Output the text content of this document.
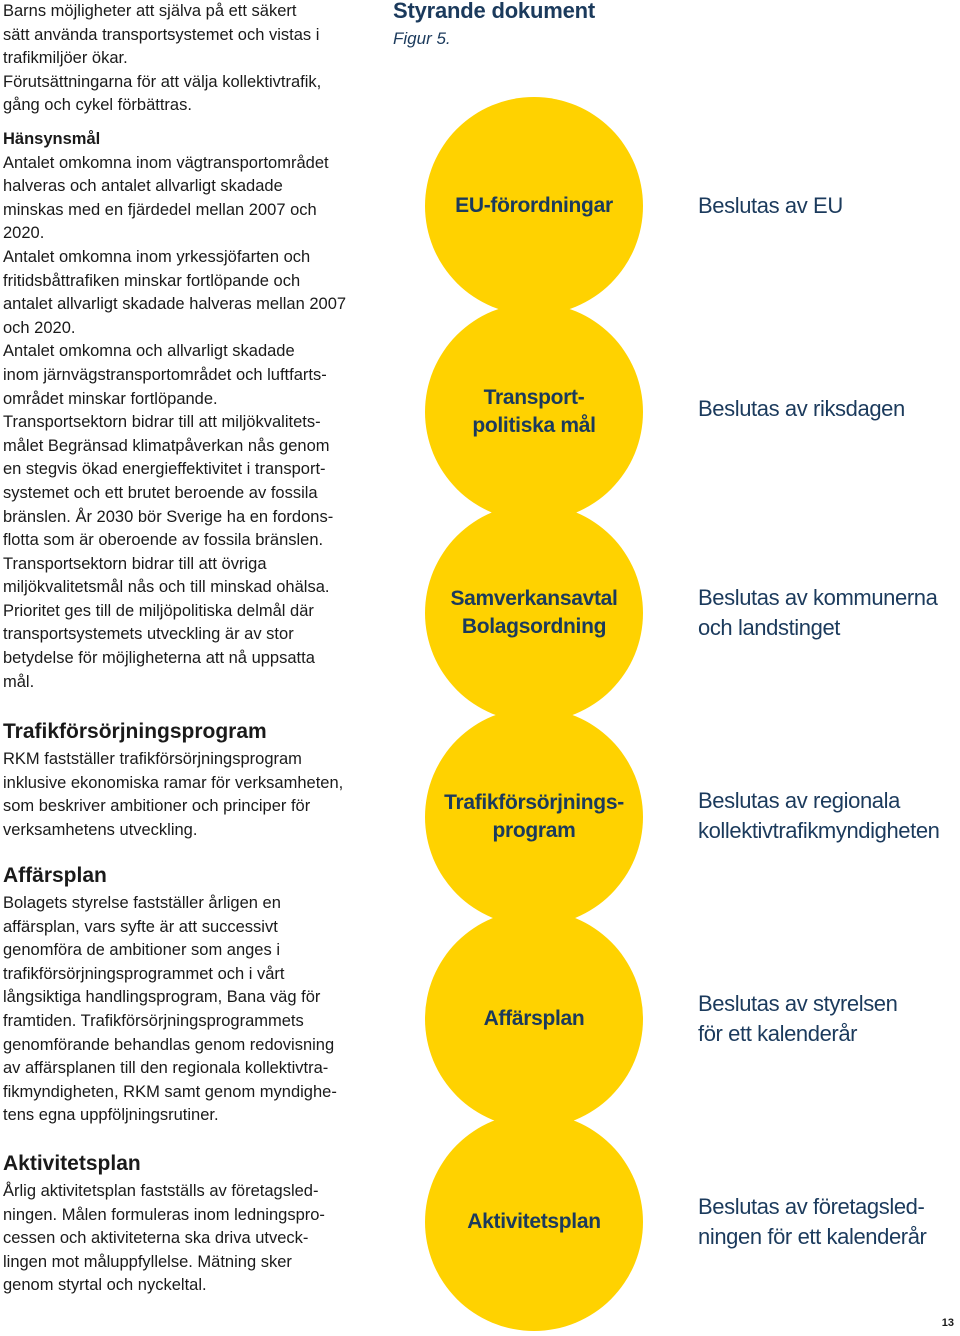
Barns möjligheter att själva på ett säkert
sätt använda transportsystemet och vistas i
trafikmiljöer ökar.
Förutsättningarna för att välja kollektivtrafik,
gång och cykel förbättras.

Hänsynsmål

Antalet omkomna inom vägtransportområdet
halveras och antalet allvarligt skadade
minskas med en fjärdedel mellan 2007 och
2020.

Antalet omkomna inom yrkessjöfarten och
fritidsbåttrafiken minskar fortlöpande och
antalet allvarligt skadade halveras mellan 2007
och 2020.

Antalet omkomna och allvarligt skadade
inom järnvägstransportområdet och luftfarts-
området minskar fortlöpande.

Transportsektorn bidrar till att miljökvalitets-
målet Begränsad klimatpåverkan nås genom
en stegvis ökad energieffektivitet i transport-
systemet och ett brutet beroende av fossila
bränslen. År 2030 bör Sverige ha en fordons-
flotta som är oberoende av fossila bränslen.

Transportsektorn bidrar till att övriga
miljökvalitetsmål nås och till minskad ohälsa.

Prioritet ges till de miljöpolitiska delmål där
transportsystemets utveckling är av stor
betydelse för möjligheterna att nå uppsatta
mål.

Trafikförsörjningsprogram

RKM fastställer trafikförsörjningsprogram
inklusive ekonomiska ramar för verksamheten,
som beskriver ambitioner och principer för
verksamhetens utveckling.

Affärsplan

Bolagets styrelse fastställer årligen en
affärsplan, vars syfte är att successivt
genomföra de ambitioner som anges i
trafikförsörjningsprogrammet och i vårt
långsiktiga handlingsprogram, Bana väg för
framtiden. Trafikförsörjningsprogrammets
genomförande behandlas genom redovisning
av affärsplanen till den regionala kollektivtra-
fikmyndigheten, RKM samt genom myndighe-
tens egna uppföljningsrutiner.

Aktivitetsplan

Årlig aktivitetsplan fastställs av företagsled-
ningen. Målen formuleras inom ledningspro-
cessen och aktiviteterna ska driva utveck-
lingen mot måluppfyllelse. Mätning sker
genom styrtal och nyckeltal.

Styrande dokument

Figur 5.

EU-förordningar	Beslutas av EU
Transport-
politiska mål
Beslutas av riksdagen
Samverkansavtal
Bolagsordning
Beslutas av kommunerna
och landstinget
Trafikförsörjnings-
program
Beslutas av regionala
kollektivtrafikmyndigheten
Affärsplan
Beslutas av styrelsen
för ett kalenderår
Aktivitetsplan
Beslutas av företagsled-
ningen för ett kalenderår
13
